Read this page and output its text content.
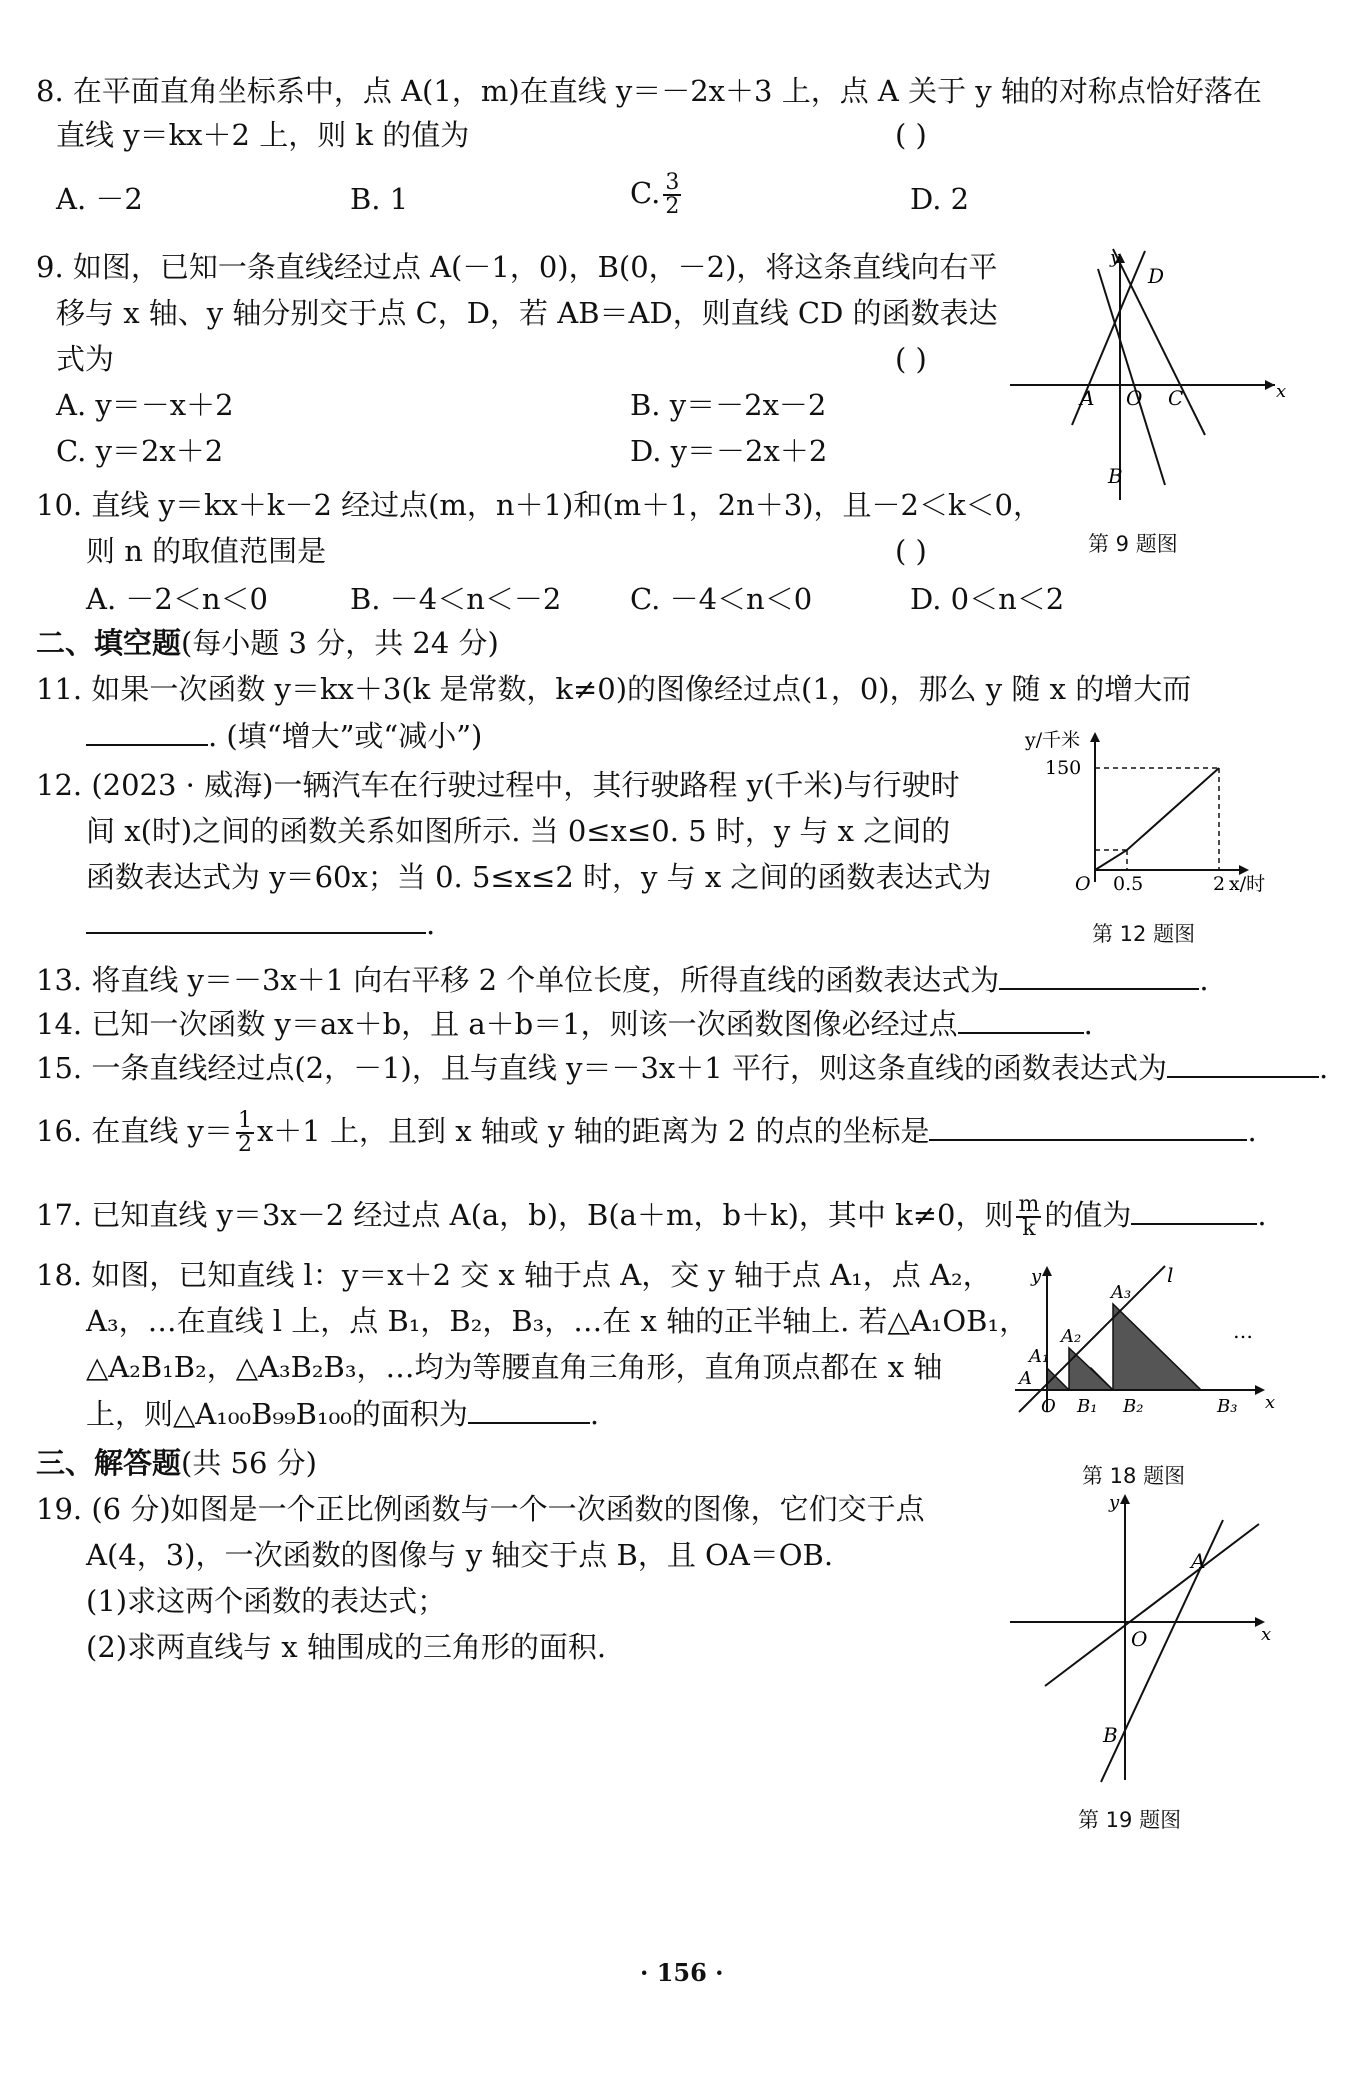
8. 在平面直角坐标系中，点 A(1，m)在直线 y＝－2x＋3 上，点 A 关于 y 轴的对称点恰好落在
直线 y＝kx＋2 上，则 k 的值为	( )
A. －2	B. 1	C. $\frac{3}{2}$	D. 2
9. 如图，已知一条直线经过点 A(－1，0)，B(0，－2)，将这条直线向右平
移与 x 轴、y 轴分别交于点 C，D，若 AB＝AD，则直线 CD 的函数表达
式为	( )
A. y＝－x＋2	B. y＝－2x－2
C. y＝2x＋2	D. y＝－2x＋2
y
x
D
A O C
B
第 9 题图
10. 直线 y＝kx＋k－2 经过点(m，n＋1)和(m＋1，2n＋3)，且－2＜k＜0，
则 n 的取值范围是	( )
A. －2＜n＜0	B. －4＜n＜－2 C. －4＜n＜0	D. 0＜n＜2
二、填空题(每小题 3 分，共 24 分)
11. 如果一次函数 y＝kx＋3(k 是常数，k≠0)的图像经过点(1，0)，那么 y 随 x 的增大而
. (填“增大”或“减小”)
12. (2023 · 威海)一辆汽车在行驶过程中，其行驶路程 y(千米)与行驶时
间 x(时)之间的函数关系如图所示. 当 0≤x≤0. 5 时，y 与 x 之间的
函数表达式为 y＝60x；当 0. 5≤x≤2 时，y 与 x 之间的函数表达式为
.
y/千米
150
O 0.5	2 x/时
第 12 题图
13. 将直线 y＝－3x＋1 向右平移 2 个单位长度，所得直线的函数表达式为	.
14. 已知一次函数 y＝ax＋b，且 a＋b＝1，则该一次函数图像必经过点	.
15. 一条直线经过点(2，－1)，且与直线 y＝－3x＋1 平行，则这条直线的函数表达式为	.
16. 在直线 $y= \frac{1}{2} x+1$ 上，且到 x 轴或 y 轴的距离为 2 的点的坐标是	.
17. 已知直线 y＝3x－2 经过点 A(a，b)，B(a＋m，b＋k)，其中 k≠0，则 $\frac{m}{k}$ 的值为	.
18. 如图，已知直线 l：y＝x＋2 交 x 轴于点 A，交 y 轴于点 A₁，点 A₂，
A₃，…在直线 l 上，点 B₁，B₂，B₃，…在 x 轴的正半轴上. 若△A₁OB₁，
△A₂B₁B₂，△A₃B₂B₃，…均为等腰直角三角形，直角顶点都在 x 轴
上，则△A₁₀₀B₉₉B₁₀₀的面积为	.
y
x
l
A
A₁
A₂
A₃
O B₁ B₂	B₃
…
第 18 题图
三、解答题(共 56 分)
19. (6 分)如图是一个正比例函数与一个一次函数的图像，它们交于点
A(4，3)，一次函数的图像与 y 轴交于点 B，且 OA＝OB.
(1)求这两个函数的表达式；
(2)求两直线与 x 轴围成的三角形的面积.
y
x
A
O
B
第 19 题图
· 156 ·
